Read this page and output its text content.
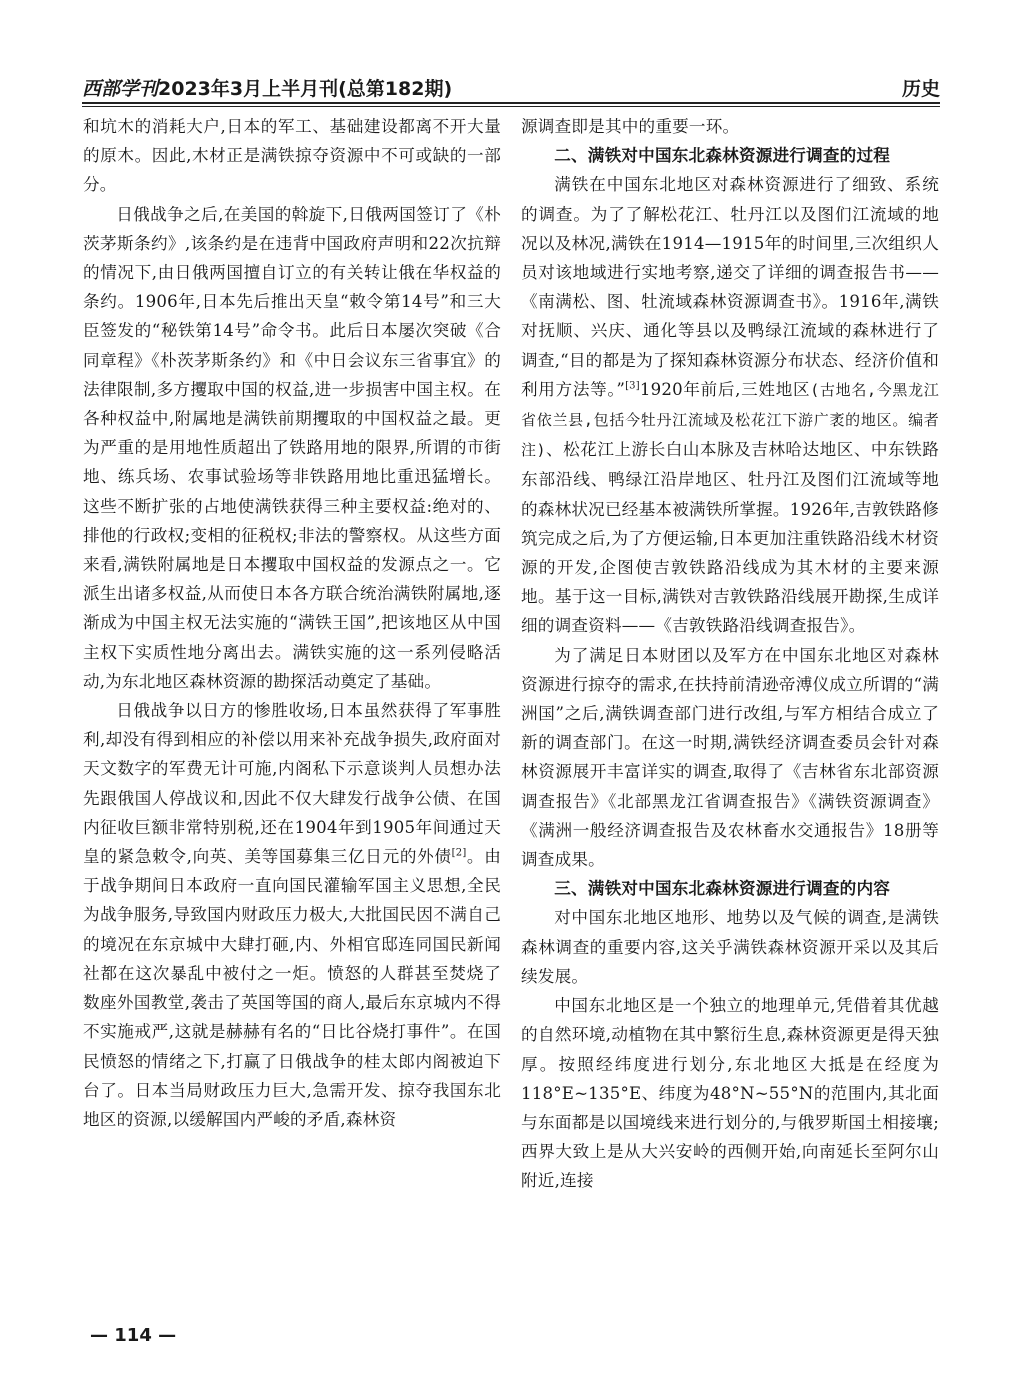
西部学刊2023年3月上半月刊(总第182期)	历史

和坑木的消耗大户,日本的军工、基础建设都离不开大量的原木。因此,木材正是满铁掠夺资源中不可或缺的一部分。

日俄战争之后,在美国的斡旋下,日俄两国签订了《朴茨茅斯条约》,该条约是在违背中国政府声明和22次抗辩的情况下,由日俄两国擅自订立的有关转让俄在华权益的条约。1906年,日本先后推出天皇“敕令第14号”和三大臣签发的“秘铁第14号”命令书。此后日本屡次突破《合同章程》《朴茨茅斯条约》和《中日会议东三省事宜》的法律限制,多方攫取中国的权益,进一步损害中国主权。在各种权益中,附属地是满铁前期攫取的中国权益之最。更为严重的是用地性质超出了铁路用地的限界,所谓的市街地、练兵场、农事试验场等非铁路用地比重迅猛增长。这些不断扩张的占地使满铁获得三种主要权益:绝对的、排他的行政权;变相的征税权;非法的警察权。从这些方面来看,满铁附属地是日本攫取中国权益的发源点之一。它派生出诸多权益,从而使日本各方联合统治满铁附属地,逐渐成为中国主权无法实施的“满铁王国”,把该地区从中国主权下实质性地分离出去。满铁实施的这一系列侵略活动,为东北地区森林资源的勘探活动奠定了基础。

日俄战争以日方的惨胜收场,日本虽然获得了军事胜利,却没有得到相应的补偿以用来补充战争损失,政府面对天文数字的军费无计可施,内阁私下示意谈判人员想办法先跟俄国人停战议和,因此不仅大肆发行战争公债、在国内征收巨额非常特别税,还在1904年到1905年间通过天皇的紧急敕令,向英、美等国募集三亿日元的外债[2]。由于战争期间日本政府一直向国民灌输军国主义思想,全民为战争服务,导致国内财政压力极大,大批国民因不满自己的境况在东京城中大肆打砸,内、外相官邸连同国民新闻社都在这次暴乱中被付之一炬。愤怒的人群甚至焚烧了数座外国教堂,袭击了英国等国的商人,最后东京城内不得不实施戒严,这就是赫赫有名的“日比谷烧打事件”。在国民愤怒的情绪之下,打赢了日俄战争的桂太郎内阁被迫下台了。日本当局财政压力巨大,急需开发、掠夺我国东北地区的资源,以缓解国内严峻的矛盾,森林资

源调查即是其中的重要一环。

二、满铁对中国东北森林资源进行调查的过程

满铁在中国东北地区对森林资源进行了细致、系统的调查。为了了解松花江、牡丹江以及图们江流域的地况以及林况,满铁在1914—1915年的时间里,三次组织人员对该地域进行实地考察,递交了详细的调查报告书——《南满松、图、牡流域森林资源调查书》。1916年,满铁对抚顺、兴庆、通化等县以及鸭绿江流域的森林进行了调查,“目的都是为了探知森林资源分布状态、经济价值和利用方法等。”[3]1920年前后,三姓地区(古地名,今黑龙江省依兰县,包括今牡丹江流域及松花江下游广袤的地区。编者注)、松花江上游长白山本脉及吉林哈达地区、中东铁路东部沿线、鸭绿江沿岸地区、牡丹江及图们江流域等地的森林状况已经基本被满铁所掌握。1926年,吉敦铁路修筑完成之后,为了方便运输,日本更加注重铁路沿线木材资源的开发,企图使吉敦铁路沿线成为其木材的主要来源地。基于这一目标,满铁对吉敦铁路沿线展开勘探,生成详细的调查资料——《吉敦铁路沿线调查报告》。

为了满足日本财团以及军方在中国东北地区对森林资源进行掠夺的需求,在扶持前清逊帝溥仪成立所谓的“满洲国”之后,满铁调查部门进行改组,与军方相结合成立了新的调查部门。在这一时期,满铁经济调查委员会针对森林资源展开丰富详实的调查,取得了《吉林省东北部资源调查报告》《北部黑龙江省调查报告》《满铁资源调查》《满洲一般经济调查报告及农林畜水交通报告》18册等调查成果。

三、满铁对中国东北森林资源进行调查的内容

对中国东北地区地形、地势以及气候的调查,是满铁森林调查的重要内容,这关乎满铁森林资源开采以及其后续发展。

中国东北地区是一个独立的地理单元,凭借着其优越的自然环境,动植物在其中繁衍生息,森林资源更是得天独厚。按照经纬度进行划分,东北地区大抵是在经度为118°E~135°E、纬度为48°N~55°N的范围内,其北面与东面都是以国境线来进行划分的,与俄罗斯国土相接壤;西界大致上是从大兴安岭的西侧开始,向南延长至阿尔山附近,连接

— 114 —
